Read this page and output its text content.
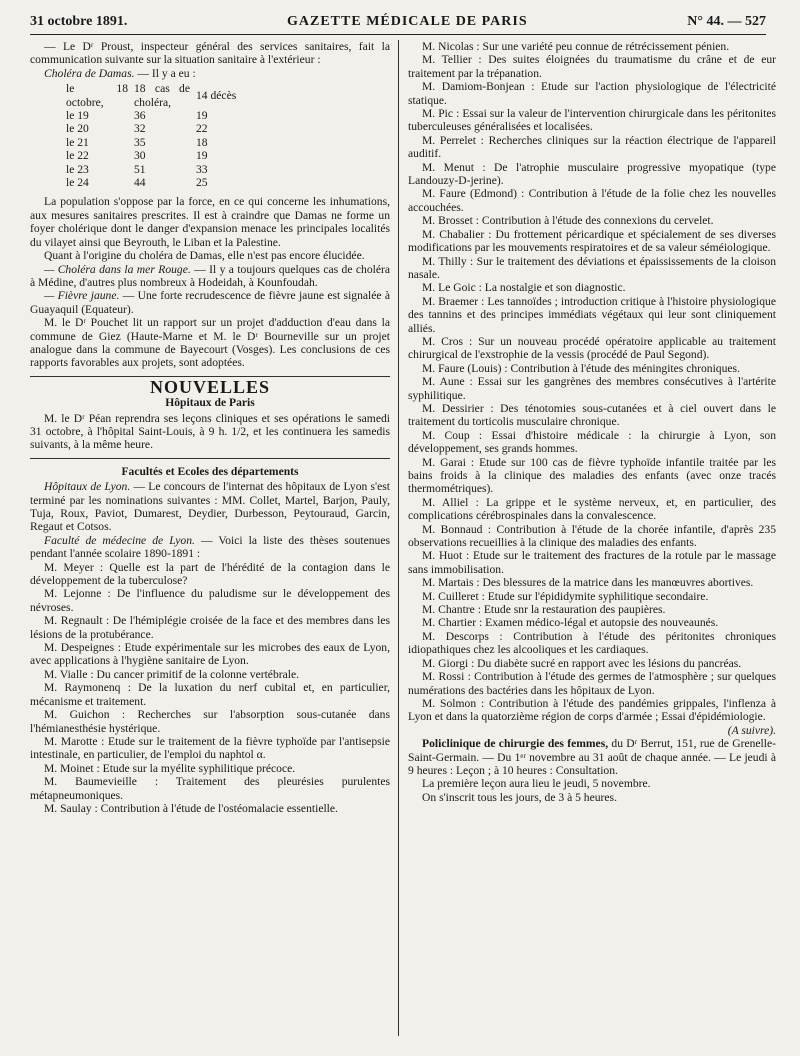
31 octobre 1891.	GAZETTE MÉDICALE DE PARIS	N° 44. — 527

— Le Dʳ Proust, inspecteur général des services sanitaires, fait la communication suivante sur la situation sanitaire à l'extérieur :

Choléra de Damas. — Il y a eu :

le 18 octobre,	18 cas de choléra,	14 décès
le 19	36	19
le 20	32	22
le 21	35	18
le 22	30	19
le 23	51	33
le 24	44	25

La population s'oppose par la force, en ce qui concerne les inhumations, aux mesures sanitaires prescrites. Il est à craindre que Damas ne forme un foyer cholérique dont le danger d'expansion menace les principales localités du vilayet ainsi que Beyrouth, le Liban et la Palestine.

Quant à l'origine du choléra de Damas, elle n'est pas encore élucidée.

— Choléra dans la mer Rouge. — Il y a toujours quelques cas de choléra à Médine, d'autres plus nombreux à Hodeidah, à Kounfoudah.

— Fièvre jaune. — Une forte recrudescence de fièvre jaune est signalée à Guayaquil (Equateur).

M. le Dʳ Pouchet lit un rapport sur un projet d'adduction d'eau dans la commune de Giez (Haute-Marne et M. le Dʳ Bourneville sur un projet analogue dans la commune de Bayecourt (Vosges). Les conclusions de ces rapports favorables aux projets, sont adoptées.

NOUVELLES
Hôpitaux de Paris

M. le Dʳ Péan reprendra ses leçons cliniques et ses opérations le samedi 31 octobre, à l'hôpital Saint-Louis, à 9 h. 1/2, et les continuera les samedis suivants, à la même heure.

Facultés et Ecoles des départements

Hôpitaux de Lyon. — Le concours de l'internat des hôpitaux de Lyon s'est terminé par les nominations suivantes : MM. Collet, Martel, Barjon, Pauly, Tuja, Roux, Paviot, Dumarest, Deydier, Durbesson, Peytouraud, Garcin, Regaut et Cotsos.

Faculté de médecine de Lyon. — Voici la liste des thèses soutenues pendant l'année scolaire 1890-1891 :

M. Meyer : Quelle est la part de l'hérédité de la contagion dans le développement de la tuberculose?

M. Lejonne : De l'influence du paludisme sur le développement des névroses.

M. Regnault : De l'hémiplégie croisée de la face et des membres dans les lésions de la protubérance.

M. Despeignes : Etude expérimentale sur les microbes des eaux de Lyon, avec applications à l'hygiène sanitaire de Lyon.

M. Vialle : Du cancer primitif de la colonne vertébrale.

M. Raymonenq : De la luxation du nerf cubital et, en particulier, mécanisme et traitement.

M. Guichon : Recherches sur l'absorption sous-cutanée dans l'hémianesthésie hystérique.

M. Marotte : Etude sur le traitement de la fièvre typhoïde par l'antisepsie intestinale, en particulier, de l'emploi du naphtol α.

M. Moinet : Etude sur la myélite syphilitique précoce.

M. Baumevieille : Traitement des pleurésies purulentes métapneumoniques.

M. Saulay : Contribution à l'étude de l'ostéomalacie essentielle.

M. Nicolas : Sur une variété peu connue de rétrécissement pénien.

M. Tellier : Des suites éloignées du traumatisme du crâne et de eur traitement par la trépanation.

M. Damiom-Bonjean : Etude sur l'action physiologique de l'électricité statique.

M. Pic : Essai sur la valeur de l'intervention chirurgicale dans les péritonites tuberculeuses généralisées et localisées.

M. Perrelet : Recherches cliniques sur la réaction électrique de l'appareil auditif.

M. Menut : De l'atrophie musculaire progressive myopatique (type Landouzy-D-jerine).

M. Faure (Edmond) : Contribution à l'étude de la folie chez les nouvelles accouchées.

M. Brosset : Contribution à l'étude des connexions du cervelet.

M. Chabalier : Du frottement péricardique et spécialement de ses diverses modifications par les mouvements respiratoires et de sa valeur séméiologique.

M. Thilly : Sur le traitement des déviations et épaississements de la cloison nasale.

M. Le Goic : La nostalgie et son diagnostic.

M. Braemer : Les tannoïdes ; introduction critique à l'histoire physiologique des tannins et des principes immédiats végétaux qui leur sont cliniquement alliés.

M. Cros : Sur un nouveau procédé opératoire applicable au traitement chirurgical de l'exstrophie de la vessis (procédé de Paul Segond).

M. Faure (Louis) : Contribution à l'étude des méningites chroniques.

M. Aune : Essai sur les gangrènes des membres consécutives à l'artérite syphilitique.

M. Dessirier : Des ténotomies sous-cutanées et à ciel ouvert dans le traitement du torticolis musculaire chronique.

M. Coup : Essai d'histoire médicale : la chirurgie à Lyon, son développement, ses grands hommes.

M. Garai : Etude sur 100 cas de fièvre typhoïde infantile traitée par les bains froids à la clinique des maladies des enfants (avec onze tracés thermométriques).

M. Alliel : La grippe et le système nerveux, et, en particulier, des complications cérébrospinales dans la convalescence.

M. Bonnaud : Contribution à l'étude de la chorée infantile, d'après 235 observations recueillies à la clinique des maladies des enfants.

M. Huot : Etude sur le traitement des fractures de la rotule par le massage sans immobilisation.

M. Martais : Des blessures de la matrice dans les manœuvres abortives.

M. Cuilleret : Etude sur l'épididymite syphilitique secondaire.

M. Chantre : Etude snr la restauration des paupières.

M. Chartier : Examen médico-légal et autopsie des nouveaunés.

M. Descorps : Contribution à l'étude des péritonites chroniques idiopathiques chez les alcooliques et les cardiaques.

M. Giorgi : Du diabète sucré en rapport avec les lésions du pancréas.

M. Rossi : Contribution à l'étude des germes de l'atmosphère ; sur quelques numérations des bactéries dans les hôpitaux de Lyon.

M. Solmon : Contribution à l'étude des pandémies grippales, l'inflenza à Lyon et dans la quatorzième région de corps d'armée ; Essai d'épidémiologie.

(A suivre).

Policlinique de chirurgie des femmes, du Dʳ Berrut, 151, rue de Grenelle-Saint-Germain. — Du 1ᵉʳ novembre au 31 août de chaque année. — Le jeudi à 9 heures : Leçon ; à 10 heures : Consultation.

La première leçon aura lieu le jeudi, 5 novembre.

On s'inscrit tous les jours, de 3 à 5 heures.
